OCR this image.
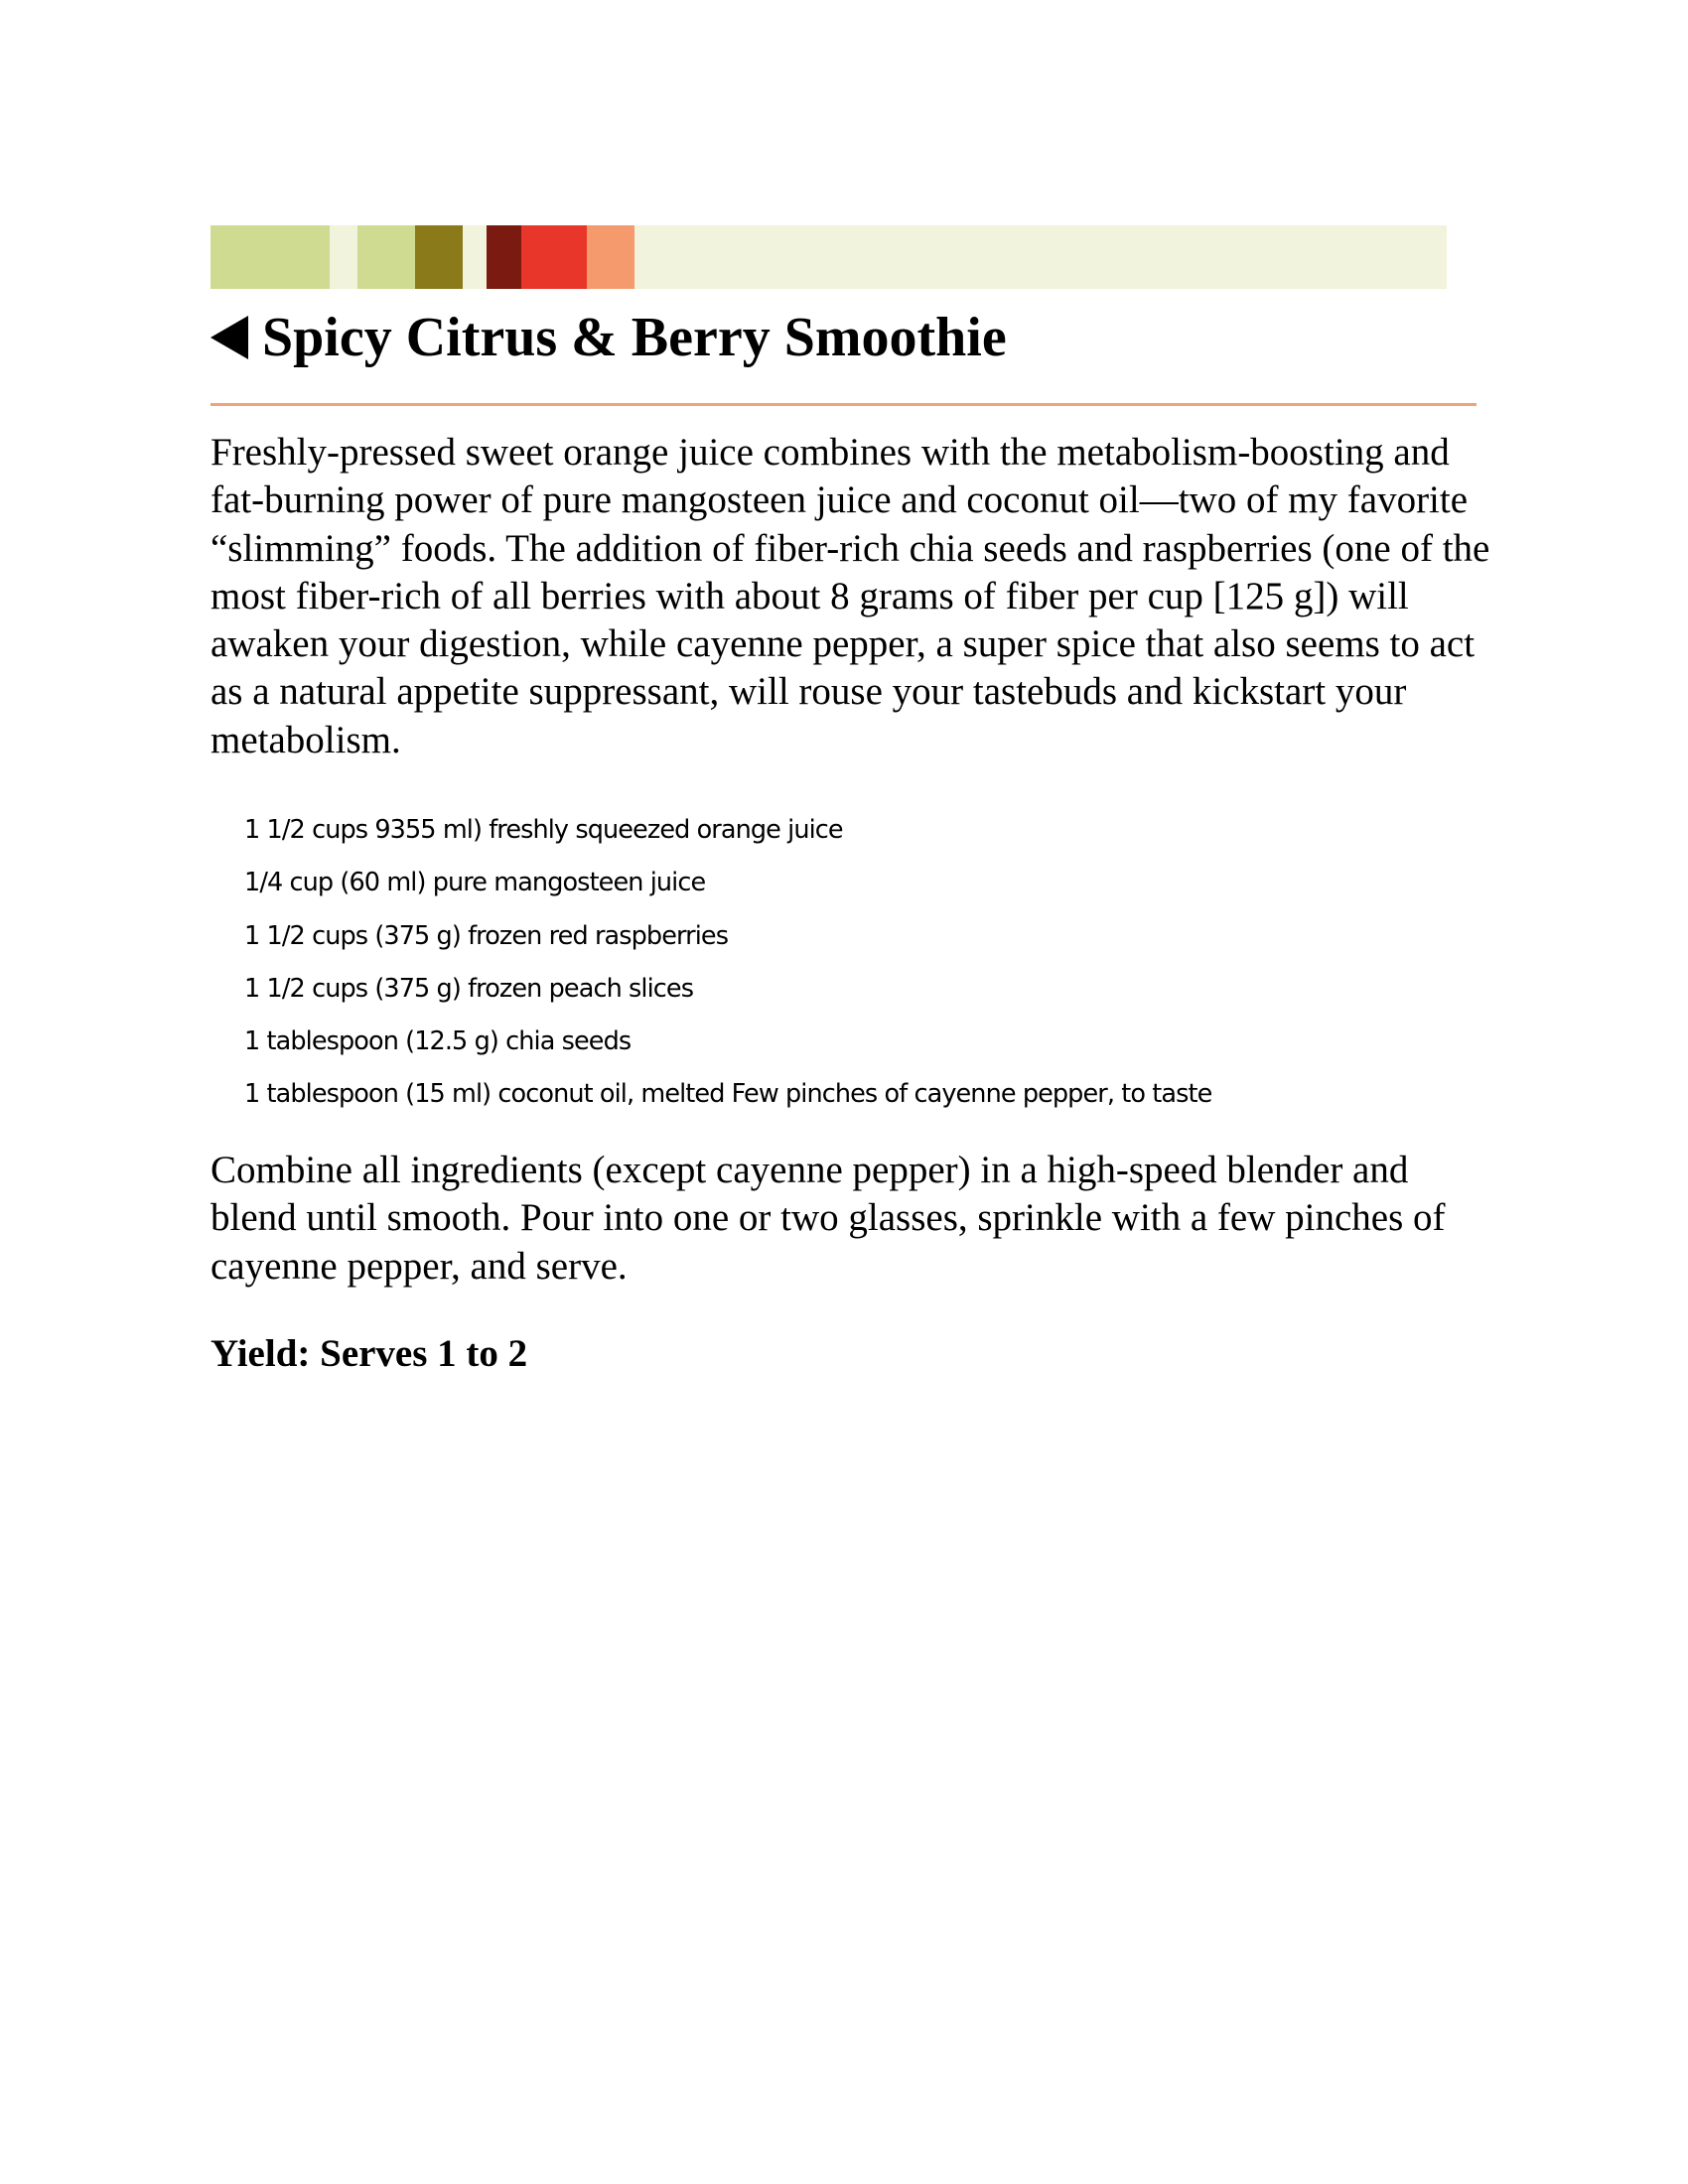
Spicy Citrus & Berry Smoothie

Freshly-pressed sweet orange juice combines with the metabolism-boosting and fat-burning power of pure mangosteen juice and coconut oil—two of my favorite “slimming” foods. The addition of fiber-rich chia seeds and raspberries (one of the most fiber-rich of all berries with about 8 grams of fiber per cup [125 g]) will awaken your digestion, while cayenne pepper, a super spice that also seems to act as a natural appetite suppressant, will rouse your tastebuds and kickstart your metabolism.

1 1/2 cups 9355 ml) freshly squeezed orange juice
1/4 cup (60 ml) pure mangosteen juice
1 1/2 cups (375 g) frozen red raspberries
1 1/2 cups (375 g) frozen peach slices
1 tablespoon (12.5 g) chia seeds
1 tablespoon (15 ml) coconut oil, melted Few pinches of cayenne pepper, to taste

Combine all ingredients (except cayenne pepper) in a high-speed blender and blend until smooth. Pour into one or two glasses, sprinkle with a few pinches of cayenne pepper, and serve.

Yield: Serves 1 to 2
